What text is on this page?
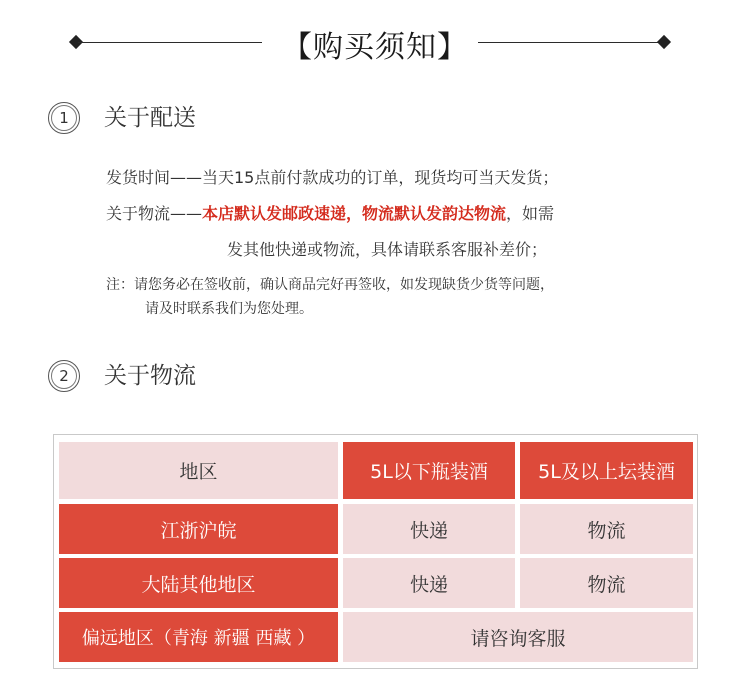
【购买须知】
1	关于配送
发货时间——当天15点前付款成功的订单，现货均可当天发货；
关于物流——本店默认发邮政速递，物流默认发韵达物流，如需
发其他快递或物流，具体请联系客服补差价；
注：请您务必在签收前，确认商品完好再签收，如发现缺货少货等问题，
请及时联系我们为您处理。
2	关于物流
地区	5L以下瓶装酒	5L及以上坛装酒
江浙沪皖	快递	物流
大陆其他地区	快递	物流
偏远地区（青海 新疆 西藏 ）	请咨询客服
